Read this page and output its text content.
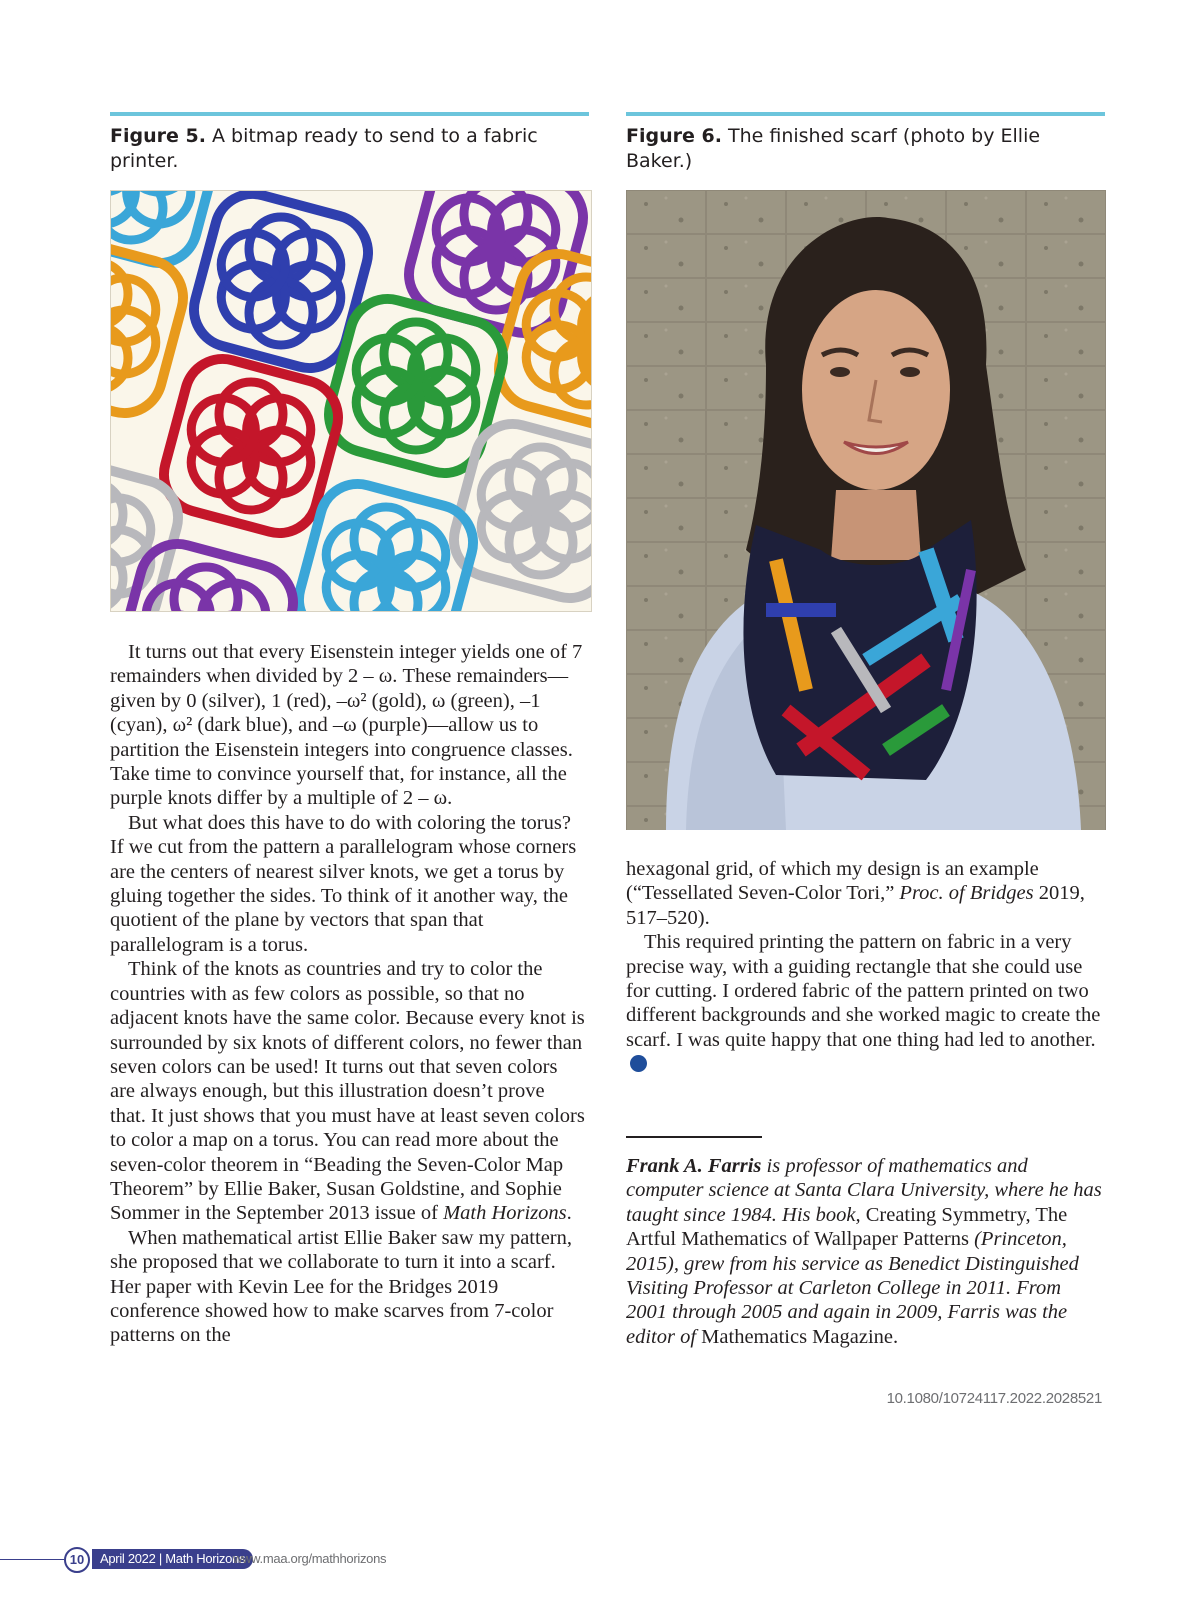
Figure 5. A bitmap ready to send to a fabric printer.
Figure 6. The finished scarf (photo by Ellie Baker.)

It turns out that every Eisenstein integer yields one of 7 remainders when divided by 2 – ω. These remainders—given by 0 (silver), 1 (red), –ω² (gold), ω (green), –1 (cyan), ω² (dark blue), and –ω (purple)—allow us to partition the Eisenstein integers into congruence classes. Take time to convince yourself that, for instance, all the purple knots differ by a multiple of 2 – ω.

But what does this have to do with coloring the torus? If we cut from the pattern a parallelogram whose corners are the centers of nearest silver knots, we get a torus by gluing together the sides. To think of it another way, the quotient of the plane by vectors that span that parallelogram is a torus.

Think of the knots as countries and try to color the countries with as few colors as possible, so that no adjacent knots have the same color. Because every knot is surrounded by six knots of different colors, no fewer than seven colors can be used! It turns out that seven colors are always enough, but this illustration doesn’t prove that. It just shows that you must have at least seven colors to color a map on a torus. You can read more about the seven-color theorem in “Beading the Seven-Color Map Theorem” by Ellie Baker, Susan Goldstine, and Sophie Sommer in the September 2013 issue of Math Horizons.

When mathematical artist Ellie Baker saw my pattern, she proposed that we collaborate to turn it into a scarf. Her paper with Kevin Lee for the Bridges 2019 conference showed how to make scarves from 7-color patterns on the

hexagonal grid, of which my design is an example (“Tessellated Seven-Color Tori,” Proc. of Bridges 2019, 517–520).

This required printing the pattern on fabric in a very precise way, with a guiding rectangle that she could use for cutting. I ordered fabric of the pattern printed on two different backgrounds and she worked magic to create the scarf. I was quite happy that one thing had led to another.

Frank A. Farris is professor of mathematics and computer science at Santa Clara University, where he has taught since 1984. His book, Creating Symmetry, The Artful Mathematics of Wallpaper Patterns (Princeton, 2015), grew from his service as Benedict Distinguished Visiting Professor at Carleton College in 2011. From 2001 through 2005 and again in 2009, Farris was the editor of Mathematics Magazine.
10.1080/10724117.2022.2028521
10	April 2022 | Math Horizons
www.maa.org/mathhorizons
